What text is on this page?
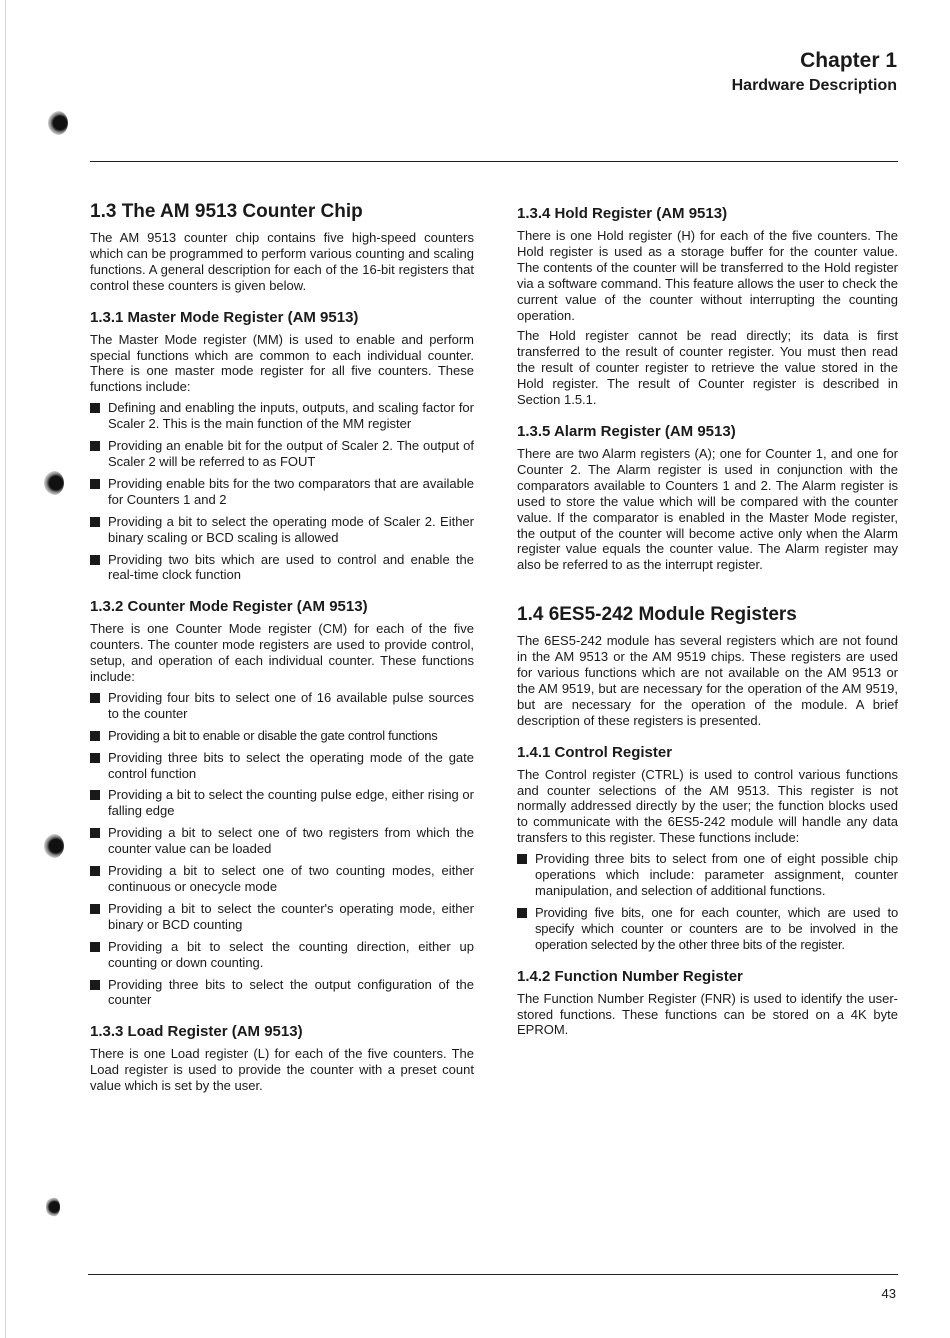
Chapter 1
Hardware Description
1.3 The AM 9513 Counter Chip

The AM 9513 counter chip contains five high-speed counters which can be programmed to perform various counting and scaling functions. A general description for each of the 16-bit registers that control these counters is given below.

1.3.1 Master Mode Register (AM 9513)

The Master Mode register (MM) is used to enable and perform special functions which are common to each individual counter. There is one master mode register for all five counters. These functions include:

Defining and enabling the inputs, outputs, and scaling factor for Scaler 2. This is the main function of the MM register
Providing an enable bit for the output of Scaler 2. The output of Scaler 2 will be referred to as FOUT
Providing enable bits for the two comparators that are available for Counters 1 and 2
Providing a bit to select the operating mode of Scaler 2. Either binary scaling or BCD scaling is allowed
Providing two bits which are used to control and enable the real-time clock function
1.3.2 Counter Mode Register (AM 9513)

There is one Counter Mode register (CM) for each of the five counters. The counter mode registers are used to provide control, setup, and operation of each individual counter. These functions include:

Providing four bits to select one of 16 available pulse sources to the counter
Providing a bit to enable or disable the gate control functions
Providing three bits to select the operating mode of the gate control function
Providing a bit to select the counting pulse edge, either rising or falling edge
Providing a bit to select one of two registers from which the counter value can be loaded
Providing a bit to select one of two counting modes, either continuous or onecycle mode
Providing a bit to select the counter's operating mode, either binary or BCD counting
Providing a bit to select the counting direction, either up counting or down counting.
Providing three bits to select the output configuration of the counter
1.3.3 Load Register (AM 9513)

There is one Load register (L) for each of the five counters. The Load register is used to provide the counter with a preset count value which is set by the user.

1.3.4 Hold Register (AM 9513)

There is one Hold register (H) for each of the five counters. The Hold register is used as a storage buffer for the counter value. The contents of the counter will be transferred to the Hold register via a software command. This feature allows the user to check the current value of the counter without interrupting the counting operation.

The Hold register cannot be read directly; its data is first transferred to the result of counter register. You must then read the result of counter register to retrieve the value stored in the Hold register. The result of Counter register is described in Section 1.5.1.

1.3.5 Alarm Register (AM 9513)

There are two Alarm registers (A); one for Counter 1, and one for Counter 2. The Alarm register is used in conjunction with the comparators available to Counters 1 and 2. The Alarm register is used to store the value which will be compared with the counter value. If the comparator is enabled in the Master Mode register, the output of the counter will become active only when the Alarm register value equals the counter value. The Alarm register may also be referred to as the interrupt register.

1.4 6ES5-242 Module Registers

The 6ES5-242 module has several registers which are not found in the AM 9513 or the AM 9519 chips. These registers are used for various functions which are not available on the AM 9513 or the AM 9519, but are necessary for the operation of the AM 9519, but are necessary for the operation of the module. A brief description of these registers is presented.

1.4.1 Control Register

The Control register (CTRL) is used to control various functions and counter selections of the AM 9513. This register is not normally addressed directly by the user; the function blocks used to communicate with the 6ES5-242 module will handle any data transfers to this register. These functions include:

Providing three bits to select from one of eight possible chip operations which include: parameter assignment, counter manipulation, and selection of additional functions.
Providing five bits, one for each counter, which are used to specify which counter or counters are to be involved in the operation selected by the other three bits of the register.
1.4.2 Function Number Register

The Function Number Register (FNR) is used to identify the user-stored functions. These functions can be stored on a 4K byte EPROM.

43
